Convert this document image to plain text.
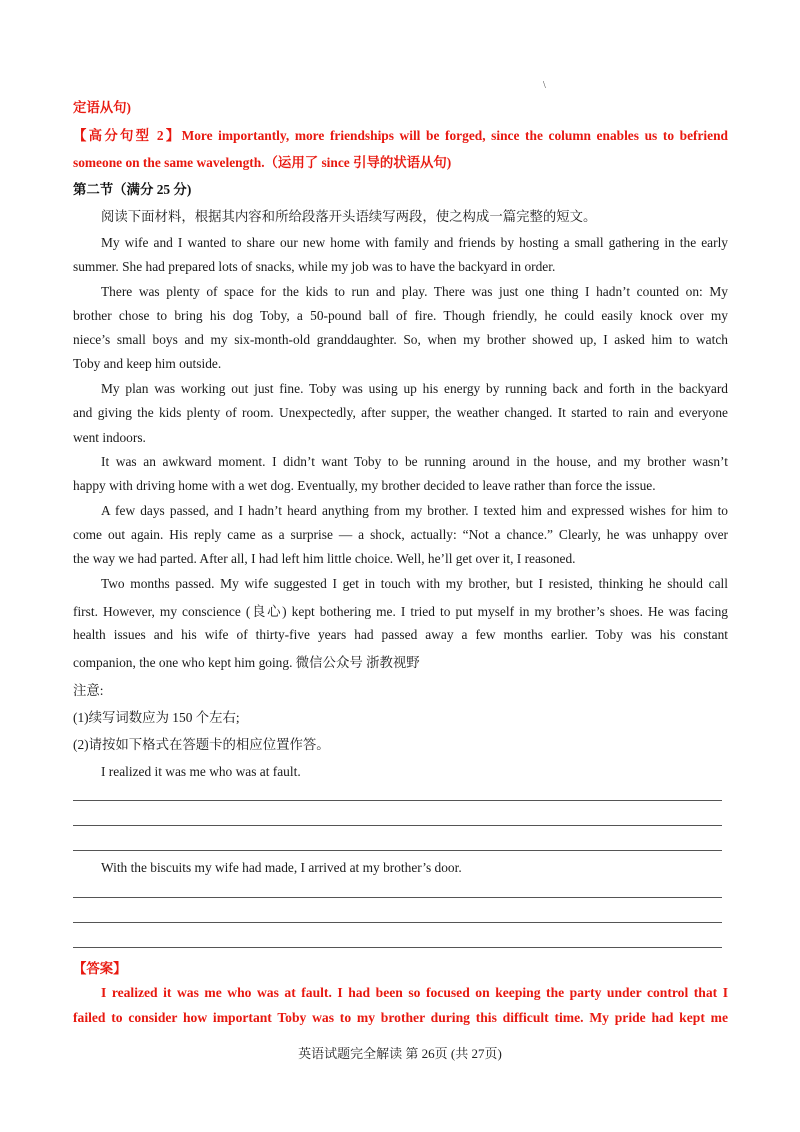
\
定语从句)
【高分句型 2】More importantly, more friendships will be forged, since the column enables us to befriend
someone on the same wavelength.（运用了 since 引导的状语从句)
第二节（满分 25 分)
阅读下面材料，根据其内容和所给段落开头语续写两段，使之构成一篇完整的短文。
My wife and I wanted to share our new home with family and friends by hosting a small gathering in the early
summer. She had prepared lots of snacks, while my job was to have the backyard in order.
There was plenty of space for the kids to run and play. There was just one thing I hadn’t counted on: My
brother chose to bring his dog Toby, a 50-pound ball of fire. Though friendly, he could easily knock over my
niece’s small boys and my six-month-old granddaughter. So, when my brother showed up, I asked him to watch
Toby and keep him outside.
My plan was working out just fine. Toby was using up his energy by running back and forth in the backyard
and giving the kids plenty of room. Unexpectedly, after supper, the weather changed. It started to rain and everyone
went indoors.
It was an awkward moment. I didn’t want Toby to be running around in the house, and my brother wasn’t
happy with driving home with a wet dog. Eventually, my brother decided to leave rather than force the issue.
A few days passed, and I hadn’t heard anything from my brother. I texted him and expressed wishes for him to
come out again. His reply came as a surprise — a shock, actually: “Not a chance.” Clearly, he was unhappy over
the way we had parted. After all, I had left him little choice. Well, he’ll get over it, I reasoned.
Two months passed. My wife suggested I get in touch with my brother, but I resisted, thinking he should call
first. However, my conscience (良心) kept bothering me. I tried to put myself in my brother’s shoes. He was facing
health issues and his wife of thirty-five years had passed away a few months earlier. Toby was his constant
companion, the one who kept him going. 微信公众号 浙教视野
注意:
(1)续写词数应为 150 个左右;
(2)请按如下格式在答题卡的相应位置作答。
I realized it was me who was at fault.
With the biscuits my wife had made, I arrived at my brother’s door.
【答案】
I realized it was me who was at fault. I had been so focused on keeping the party under control that I
failed to consider how important Toby was to my brother during this difficult time. My pride had kept me
英语试题完全解读 第 26页 (共 27页)
